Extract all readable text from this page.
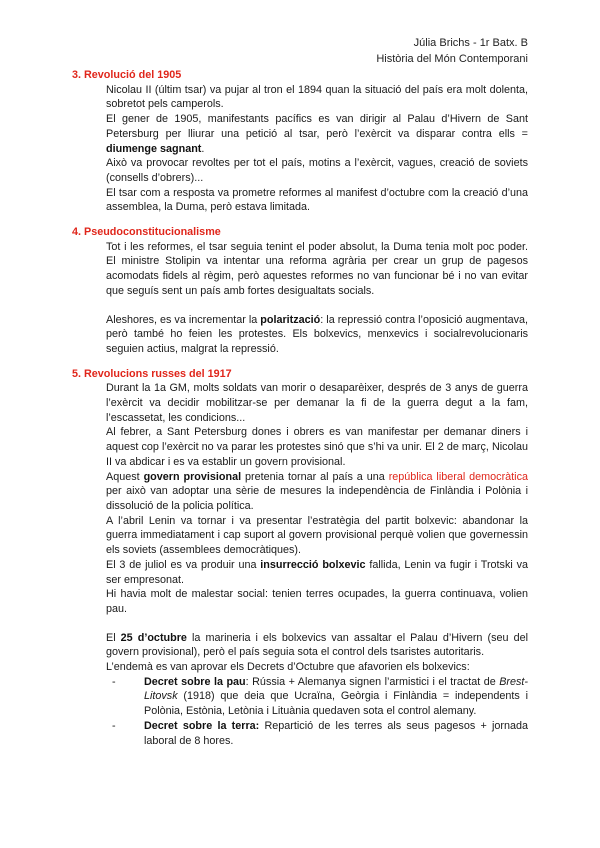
Júlia Brichs - 1r Batx. B
Història del Món Contemporani
3. Revolució del 1905

Nicolau II (últim tsar) va pujar al tron el 1894 quan la situació del país era molt dolenta, sobretot pels camperols.

El gener de 1905, manifestants pacífics es van dirigir al Palau d’Hivern de Sant Petersburg per lliurar una petició al tsar, però l’exèrcit va disparar contra ells = diumenge sagnant.

Això va provocar revoltes per tot el país, motins a l’exèrcit, vagues, creació de soviets (consells d’obrers)...

El tsar com a resposta va prometre reformes al manifest d’octubre com la creació d’una assemblea, la Duma, però estava limitada.

4. Pseudoconstitucionalisme

Tot i les reformes, el tsar seguia tenint el poder absolut, la Duma tenia molt poc poder. El ministre Stolipin va intentar una reforma agrària per crear un grup de pagesos acomodats fidels al règim, però aquestes reformes no van funcionar bé i no van evitar que seguís sent un país amb fortes desigualtats socials.

Aleshores, es va incrementar la polarització: la repressió contra l’oposició augmentava, però també ho feien les protestes. Els bolxevics, menxevics i socialrevolucionaris seguien actius, malgrat la repressió.

5. Revolucions russes del 1917

Durant la 1a GM, molts soldats van morir o desaparèixer, després de 3 anys de guerra l’exèrcit va decidir mobilitzar-se per demanar la fi de la guerra degut a la fam, l’escassetat, les condicions...

Al febrer, a Sant Petersburg dones i obrers es van manifestar per demanar diners i aquest cop l’exèrcit no va parar les protestes sinó que s’hi va unir. El 2 de març, Nicolau II va abdicar i es va establir un govern provisional.

Aquest govern provisional pretenia tornar al país a una república liberal democràtica per això van adoptar una sèrie de mesures la independència de Finlàndia i Polònia i dissolució de la policia política.

A l’abril Lenin va tornar i va presentar l’estratègia del partit bolxevic: abandonar la guerra immediatament i cap suport al govern provisional perquè volien que governessin els soviets (assemblees democràtiques).

El 3 de juliol es va produir una insurrecció bolxevic fallida, Lenin va fugir i Trotski va ser empresonat.

Hi havia molt de malestar social: tenien terres ocupades, la guerra continuava, volien pau.

El 25 d’octubre la marineria i els bolxevics van assaltar el Palau d’Hivern (seu del govern provisional), però el país seguia sota el control dels tsaristes autoritaris.

L’endemà es van aprovar els Decrets d’Octubre que afavorien els bolxevics:

-	Decret sobre la pau: Rússia + Alemanya signen l’armistici i el tractat de Brest-Litovsk (1918) que deia que Ucraïna, Geòrgia i Finlàndia = independents i Polònia, Estònia, Letònia i Lituània quedaven sota el control alemany.
-	Decret sobre la terra: Repartició de les terres als seus pagesos + jornada laboral de 8 hores.
